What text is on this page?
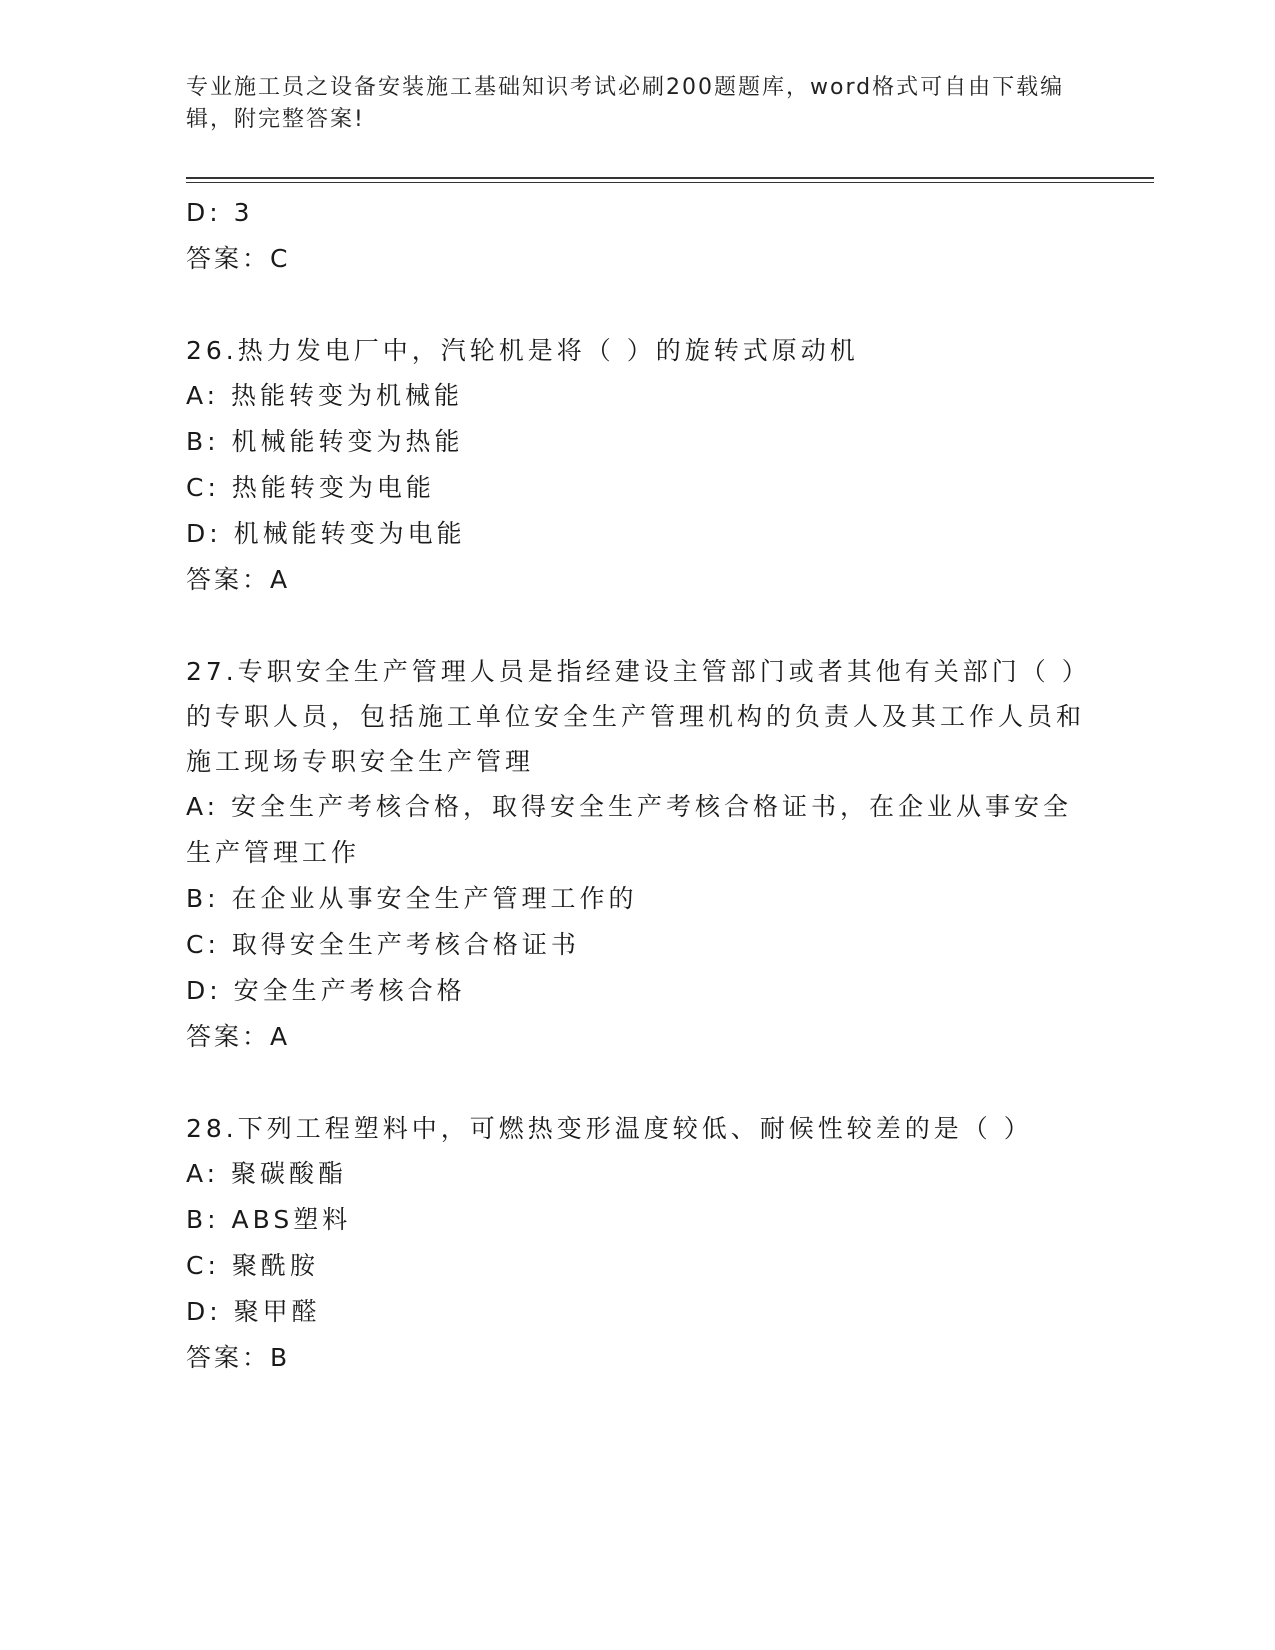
专业施工员之设备安装施工基础知识考试必刷200题题库，word格式可自由下载编辑，附完整答案!
D: 3
答案：C
26.热力发电厂中，汽轮机是将（ ）的旋转式原动机
A: 热能转变为机械能
B: 机械能转变为热能
C: 热能转变为电能
D: 机械能转变为电能
答案：A
27.专职安全生产管理人员是指经建设主管部门或者其他有关部门（ ）的专职人员，包括施工单位安全生产管理机构的负责人及其工作人员和施工现场专职安全生产管理
A: 安全生产考核合格，取得安全生产考核合格证书，在企业从事安全生产管理工作
B: 在企业从事安全生产管理工作的
C: 取得安全生产考核合格证书
D: 安全生产考核合格
答案：A
28.下列工程塑料中，可燃热变形温度较低、耐候性较差的是（ ）
A: 聚碳酸酯
B: ABS塑料
C: 聚酰胺
D: 聚甲醛
答案：B
